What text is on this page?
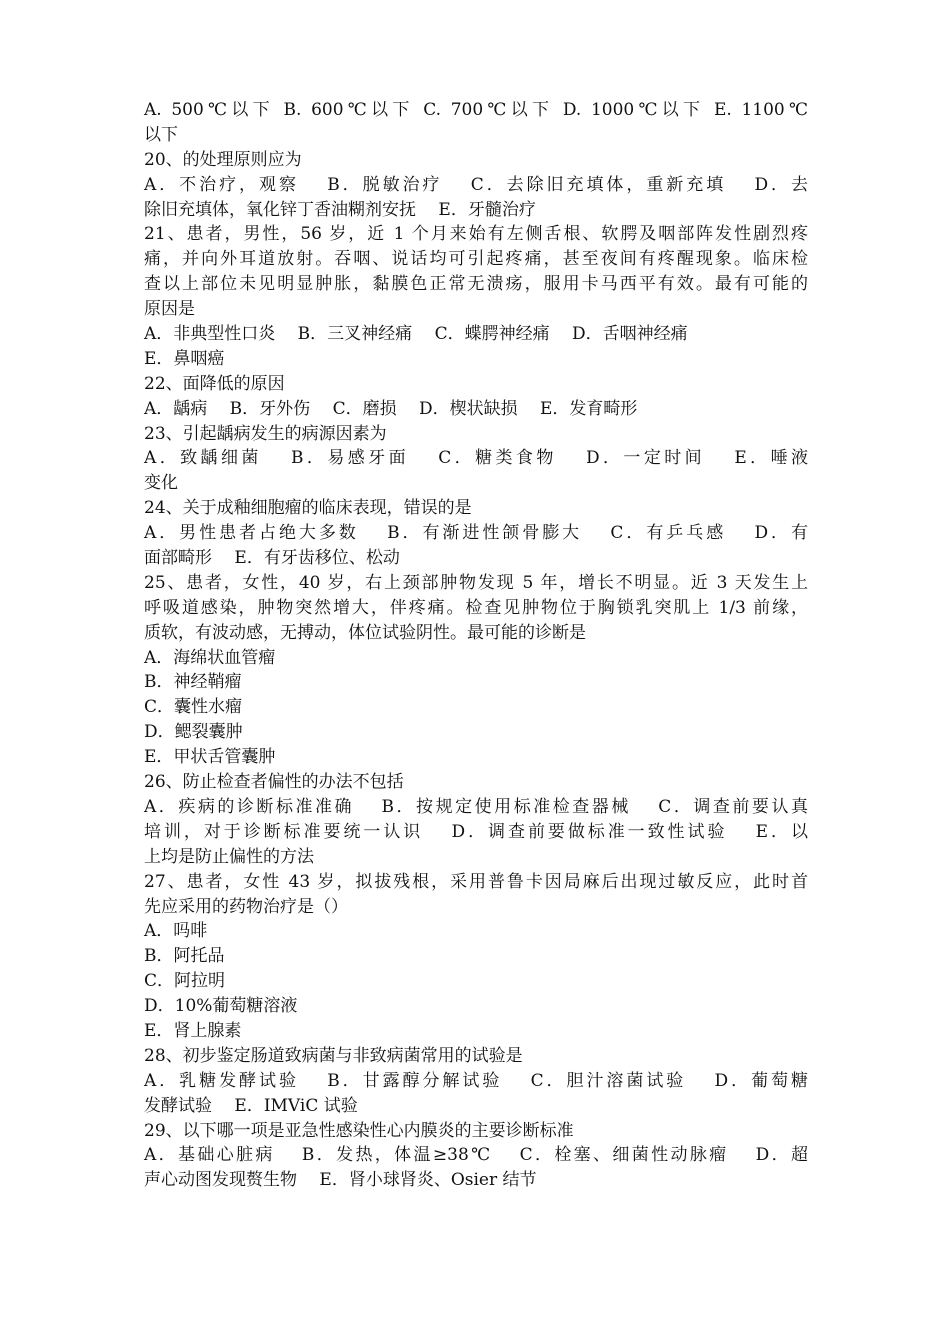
A. 500℃以下 B. 600℃以下 C. 700℃以下 D. 1000℃以下 E. 1100℃

以下

20、的处理原则应为

A．不治疗，观察　 B．脱敏治疗　 C．去除旧充填体，重新充填　 D．去

除旧充填体，氧化锌丁香油糊剂安抚　 E．牙髓治疗

21、患者，男性，56 岁，近 1 个月来始有左侧舌根、软腭及咽部阵发性剧烈疼

痛，并向外耳道放射。吞咽、说话均可引起疼痛，甚至夜间有疼醒现象。临床检

查以上部位未见明显肿胀，黏膜色正常无溃疡，服用卡马西平有效。最有可能的

原因是

A．非典型性口炎　 B．三叉神经痛　 C．蝶腭神经痛　 D．舌咽神经痛

E．鼻咽癌

22、面降低的原因

A．龋病　 B．牙外伤　 C．磨损　 D．楔状缺损　 E．发育畸形

23、引起龋病发生的病源因素为

A．致龋细菌　 B．易感牙面　 C．糖类食物　 D．一定时间　 E．唾液

变化

24、关于成釉细胞瘤的临床表现，错误的是

A．男性患者占绝大多数　 B．有渐进性颌骨膨大　 C．有乒乓感　 D．有

面部畸形　 E．有牙齿移位、松动

25、患者，女性，40 岁，右上颈部肿物发现 5 年，增长不明显。近 3 天发生上

呼吸道感染，肿物突然增大，伴疼痛。检查见肿物位于胸锁乳突肌上 1/3 前缘，

质软，有波动感，无搏动，体位试验阴性。最可能的诊断是

A．海绵状血管瘤

B．神经鞘瘤

C．囊性水瘤

D．鳃裂囊肿

E．甲状舌管囊肿

26、防止检查者偏性的办法不包括

A．疾病的诊断标准准确　 B．按规定使用标准检查器械　 C．调查前要认真

培训，对于诊断标准要统一认识　 D．调查前要做标准一致性试验　 E．以

上均是防止偏性的方法

27、患者，女性 43 岁，拟拔残根，采用普鲁卡因局麻后出现过敏反应，此时首

先应采用的药物治疗是（）

A．吗啡

B．阿托品

C．阿拉明

D．10%葡萄糖溶液

E．肾上腺素

28、初步鉴定肠道致病菌与非致病菌常用的试验是

A．乳糖发酵试验　 B．甘露醇分解试验　 C．胆汁溶菌试验　 D．葡萄糖

发酵试验　 E．IMViC 试验

29、以下哪一项是亚急性感染性心内膜炎的主要诊断标准

A．基础心脏病　 B．发热，体温≥38℃　 C．栓塞、细菌性动脉瘤　 D．超

声心动图发现赘生物　 E．肾小球肾炎、Osier 结节
